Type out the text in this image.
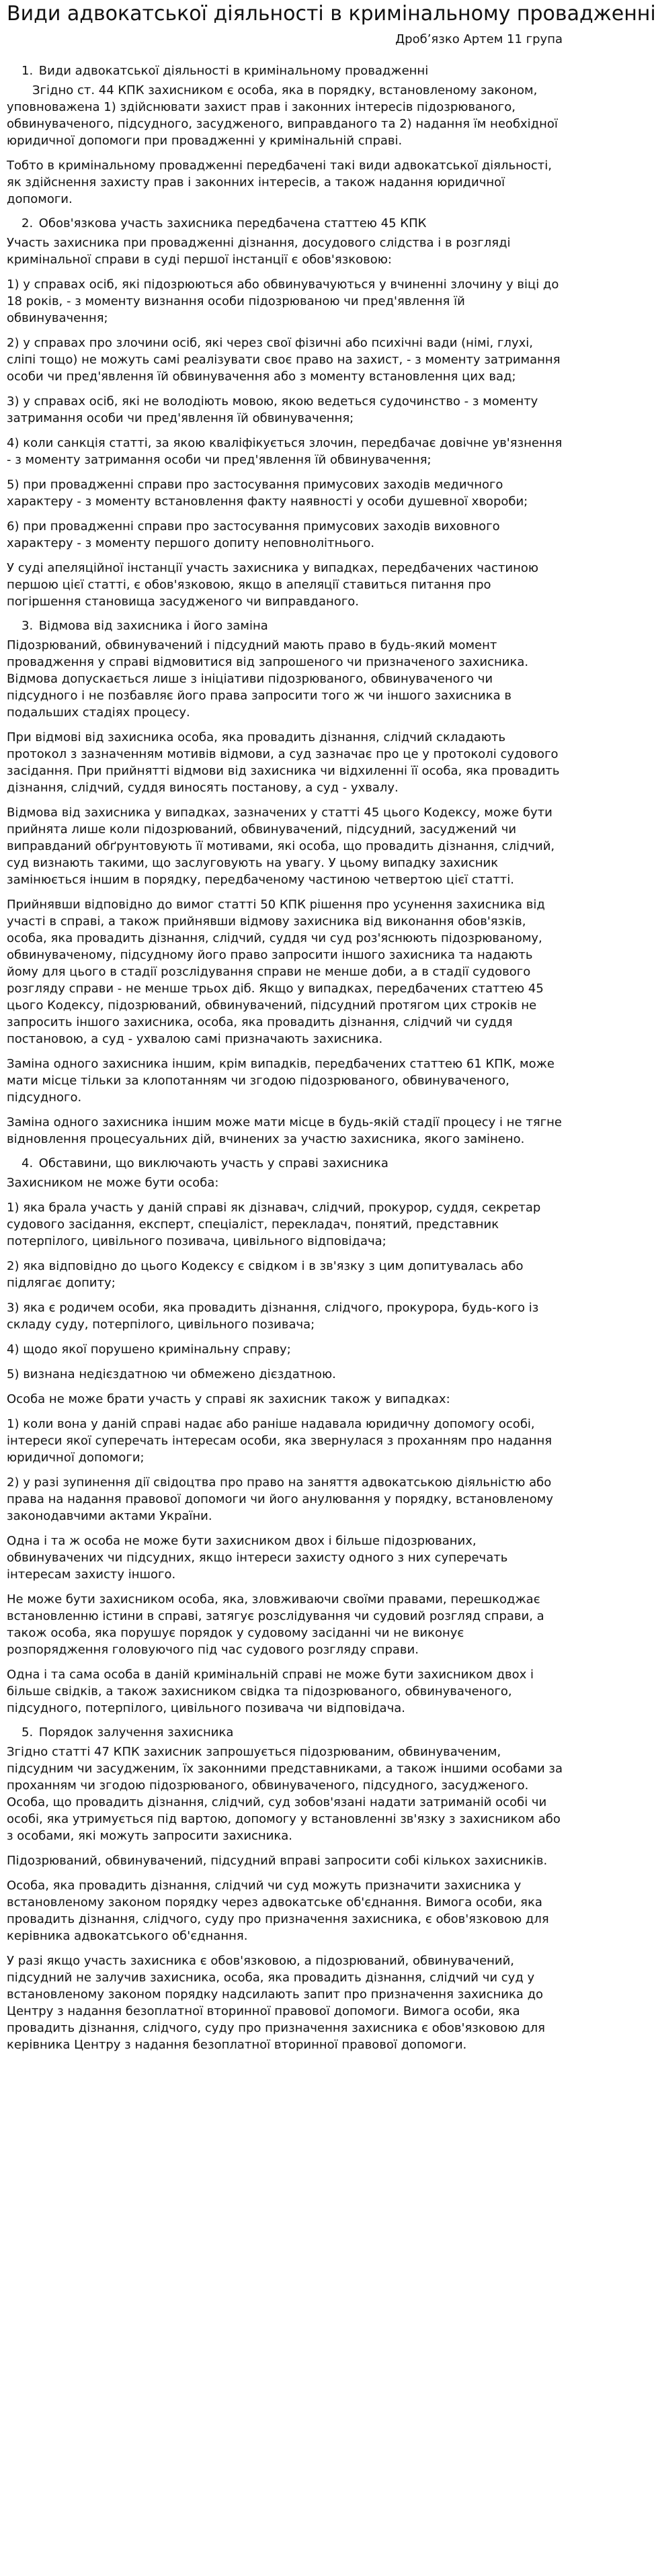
Види адвокатської діяльності в кримінальному провадженні
Дробʼязко Артем 11 група
1. Види адвокатської діяльності в кримінальному провадженні

Згідно ст. 44 КПК захисником є особа, яка в порядку, встановленому законом, уповноважена 1) здійснювати захист прав і законних інтересів підозрюваного, обвинуваченого, підсудного, засудженого, виправданого та 2) надання їм необхідної юридичної допомоги при провадженні у кримінальній справі.

Тобто в кримінальному провадженні передбачені такі види адвокатської діяльності, як здійснення захисту прав і законних інтересів, а також надання юридичної допомоги.

2. Обов'язкова участь захисника передбачена статтею 45 КПК

Участь захисника при провадженні дізнання, досудового слідства і в розгляді кримінальної справи в суді першої інстанції є обов'язковою:

1) у справах осіб, які підозрюються або обвинувачуються у вчиненні злочину у віці до 18 років, - з моменту визнання особи підозрюваною чи пред'явлення їй обвинувачення;

2) у справах про злочини осіб, які через свої фізичні або психічні вади (німі, глухі, сліпі тощо) не можуть самі реалізувати своє право на захист, - з моменту затримання особи чи пред'явлення їй обвинувачення або з моменту встановлення цих вад;

3) у справах осіб, які не володіють мовою, якою ведеться судочинство - з моменту затримання особи чи пред'явлення їй обвинувачення;

4) коли санкція статті, за якою кваліфікується злочин, передбачає довічне ув'язнення - з моменту затримання особи чи пред'явлення їй обвинувачення;

5) при провадженні справи про застосування примусових заходів медичного характеру - з моменту встановлення факту наявності у особи душевної хвороби;

6) при провадженні справи про застосування примусових заходів виховного характеру - з моменту першого допиту неповнолітнього.

У суді апеляційної інстанції участь захисника у випадках, передбачених частиною першою цієї статті, є обов'язковою, якщо в апеляції ставиться питання про погіршення становища засудженого чи виправданого.

3. Відмова від захисника і його заміна

Підозрюваний, обвинувачений і підсудний мають право в будь-який момент провадження у справі відмовитися від запрошеного чи призначеного захисника. Відмова допускається лише з ініціативи підозрюваного, обвинуваченого чи підсудного і не позбавляє його права запросити того ж чи іншого захисника в подальших стадіях процесу.

При відмові від захисника особа, яка провадить дізнання, слідчий складають протокол з зазначенням мотивів відмови, а суд зазначає про це у протоколі судового засідання. При прийнятті відмови від захисника чи відхиленні її особа, яка провадить дізнання, слідчий, суддя виносять постанову, а суд - ухвалу.

Відмова від захисника у випадках, зазначених у статті 45 цього Кодексу, може бути прийнята лише коли підозрюваний, обвинувачений, підсудний, засуджений чи виправданий обґрунтовують її мотивами, які особа, що провадить дізнання, слідчий, суд визнають такими, що заслуговують на увагу. У цьому випадку захисник замінюється іншим в порядку, передбаченому частиною четвертою цієї статті.

Прийнявши відповідно до вимог статті 50 КПК рішення про усунення захисника від участі в справі, а також прийнявши відмову захисника від виконання обов'язків, особа, яка провадить дізнання, слідчий, суддя чи суд роз'яснюють підозрюваному, обвинуваченому, підсудному його право запросити іншого захисника та надають йому для цього в стадії розслідування справи не менше доби, а в стадії судового розгляду справи - не менше трьох діб. Якщо у випадках, передбачених статтею 45 цього Кодексу, підозрюваний, обвинувачений, підсудний протягом цих строків не запросить іншого захисника, особа, яка провадить дізнання, слідчий чи суддя постановою, а суд - ухвалою самі призначають захисника.

Заміна одного захисника іншим, крім випадків, передбачених статтею 61 КПК, може мати місце тільки за клопотанням чи згодою підозрюваного, обвинуваченого, підсудного.

Заміна одного захисника іншим може мати місце в будь-якій стадії процесу і не тягне відновлення процесуальних дій, вчинених за участю захисника, якого замінено.

4. Обставини, що виключають участь у справі захисника

Захисником не може бути особа:

1) яка брала участь у даній справі як дізнавач, слідчий, прокурор, суддя, секретар судового засідання, експерт, спеціаліст, перекладач, понятий, представник потерпілого, цивільного позивача, цивільного відповідача;

2) яка відповідно до цього Кодексу є свідком і в зв'язку з цим допитувалась або підлягає допиту;

3) яка є родичем особи, яка провадить дізнання, слідчого, прокурора, будь-кого із складу суду, потерпілого, цивільного позивача;

4) щодо якої порушено кримінальну справу;

5) визнана недієздатною чи обмежено дієздатною.

Особа не може брати участь у справі як захисник також у випадках:

1) коли вона у даній справі надає або раніше надавала юридичну допомогу особі, інтереси якої суперечать інтересам особи, яка звернулася з проханням про надання юридичної допомоги;

2) у разі зупинення дії свідоцтва про право на заняття адвокатською діяльністю або права на надання правової допомоги чи його анулювання у порядку, встановленому законодавчими актами України.

Одна і та ж особа не може бути захисником двох і більше підозрюваних, обвинувачених чи підсудних, якщо інтереси захисту одного з них суперечать інтересам захисту іншого.

Не може бути захисником особа, яка, зловживаючи своїми правами, перешкоджає встановленню істини в справі, затягує розслідування чи судовий розгляд справи, а також особа, яка порушує порядок у судовому засіданні чи не виконує розпорядження головуючого під час судового розгляду справи.

Одна і та сама особа в даній кримінальній справі не може бути захисником двох і більше свідків, а також захисником свідка та підозрюваного, обвинуваченого, підсудного, потерпілого, цивільного позивача чи відповідача.

5. Порядок залучення захисника

Згідно статті 47 КПК захисник запрошується підозрюваним, обвинуваченим, підсудним чи засудженим, їх законними представниками, а також іншими особами за проханням чи згодою підозрюваного, обвинуваченого, підсудного, засудженого. Особа, що провадить дізнання, слідчий, суд зобов'язані надати затриманій особі чи особі, яка утримується під вартою, допомогу у встановленні зв'язку з захисником або з особами, які можуть запросити захисника.

Підозрюваний, обвинувачений, підсудний вправі запросити собі кількох захисників.

Особа, яка провадить дізнання, слідчий чи суд можуть призначити захисника у встановленому законом порядку через адвокатське об'єднання. Вимога особи, яка провадить дізнання, слідчого, суду про призначення захисника, є обов'язковою для керівника адвокатського об'єднання.

У разі якщо участь захисника є обов'язковою, а підозрюваний, обвинувачений, підсудний не залучив захисника, особа, яка провадить дізнання, слідчий чи суд у встановленому законом порядку надсилають запит про призначення захисника до Центру з надання безоплатної вторинної правової допомоги. Вимога особи, яка провадить дізнання, слідчого, суду про призначення захисника є обов'язковою для керівника Центру з надання безоплатної вторинної правової допомоги.
